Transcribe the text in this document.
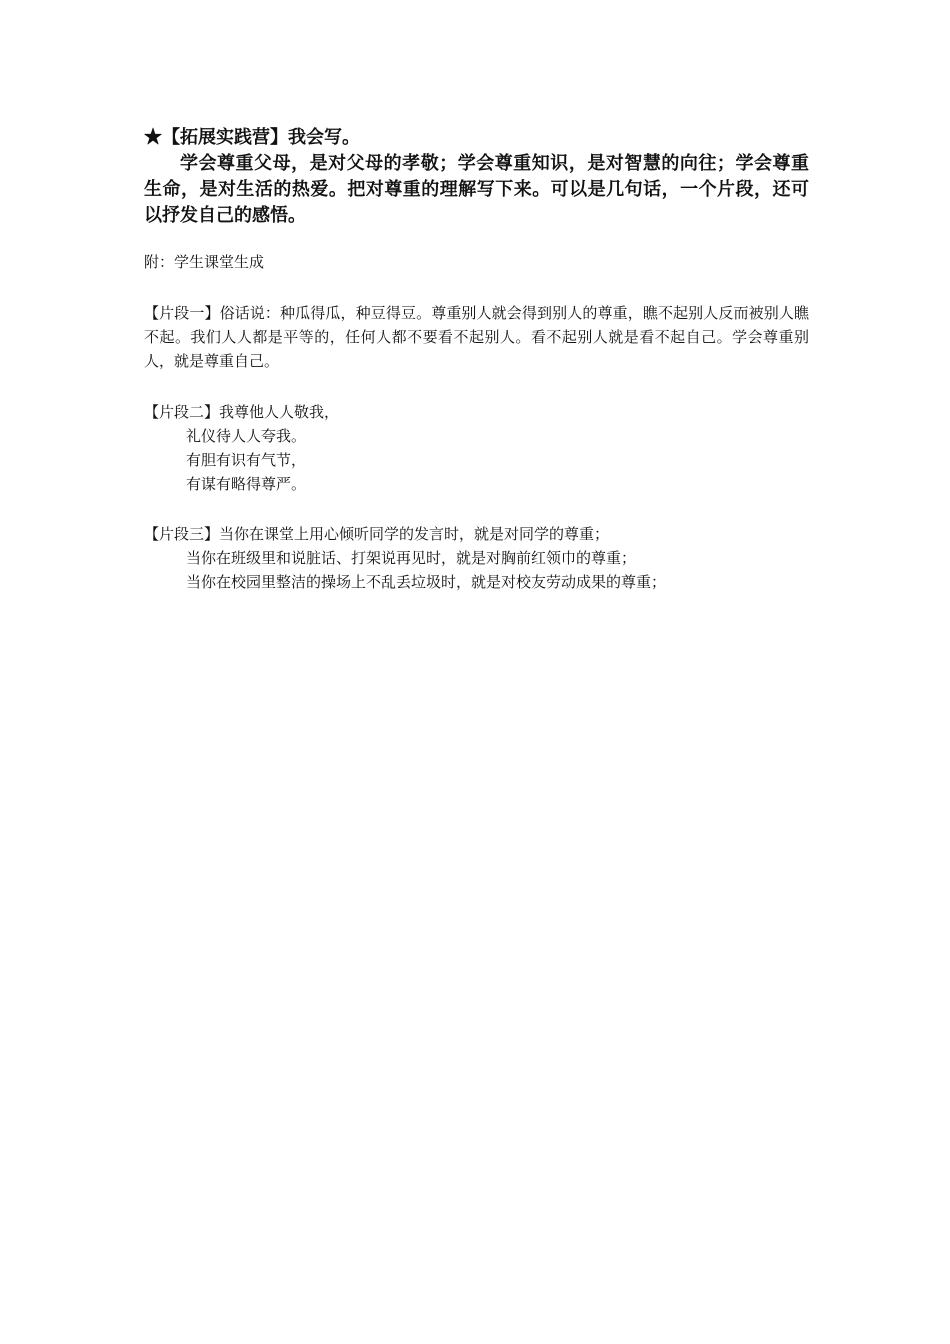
★【拓展实践营】我会写。
学会尊重父母，是对父母的孝敬；学会尊重知识，是对智慧的向往；学会尊重生命，是对生活的热爱。把对尊重的理解写下来。可以是几句话，一个片段，还可以抒发自己的感悟。
附：学生课堂生成
【片段一】俗话说：种瓜得瓜，种豆得豆。尊重别人就会得到别人的尊重，瞧不起别人反而被别人瞧不起。我们人人都是平等的，任何人都不要看不起别人。看不起别人就是看不起自己。学会尊重别人，就是尊重自己。
【片段二】我尊他人人敬我，
礼仪待人人夸我。
有胆有识有气节，
有谋有略得尊严。
【片段三】当你在课堂上用心倾听同学的发言时，就是对同学的尊重；
当你在班级里和说脏话、打架说再见时，就是对胸前红领巾的尊重；
当你在校园里整洁的操场上不乱丢垃圾时，就是对校友劳动成果的尊重；
